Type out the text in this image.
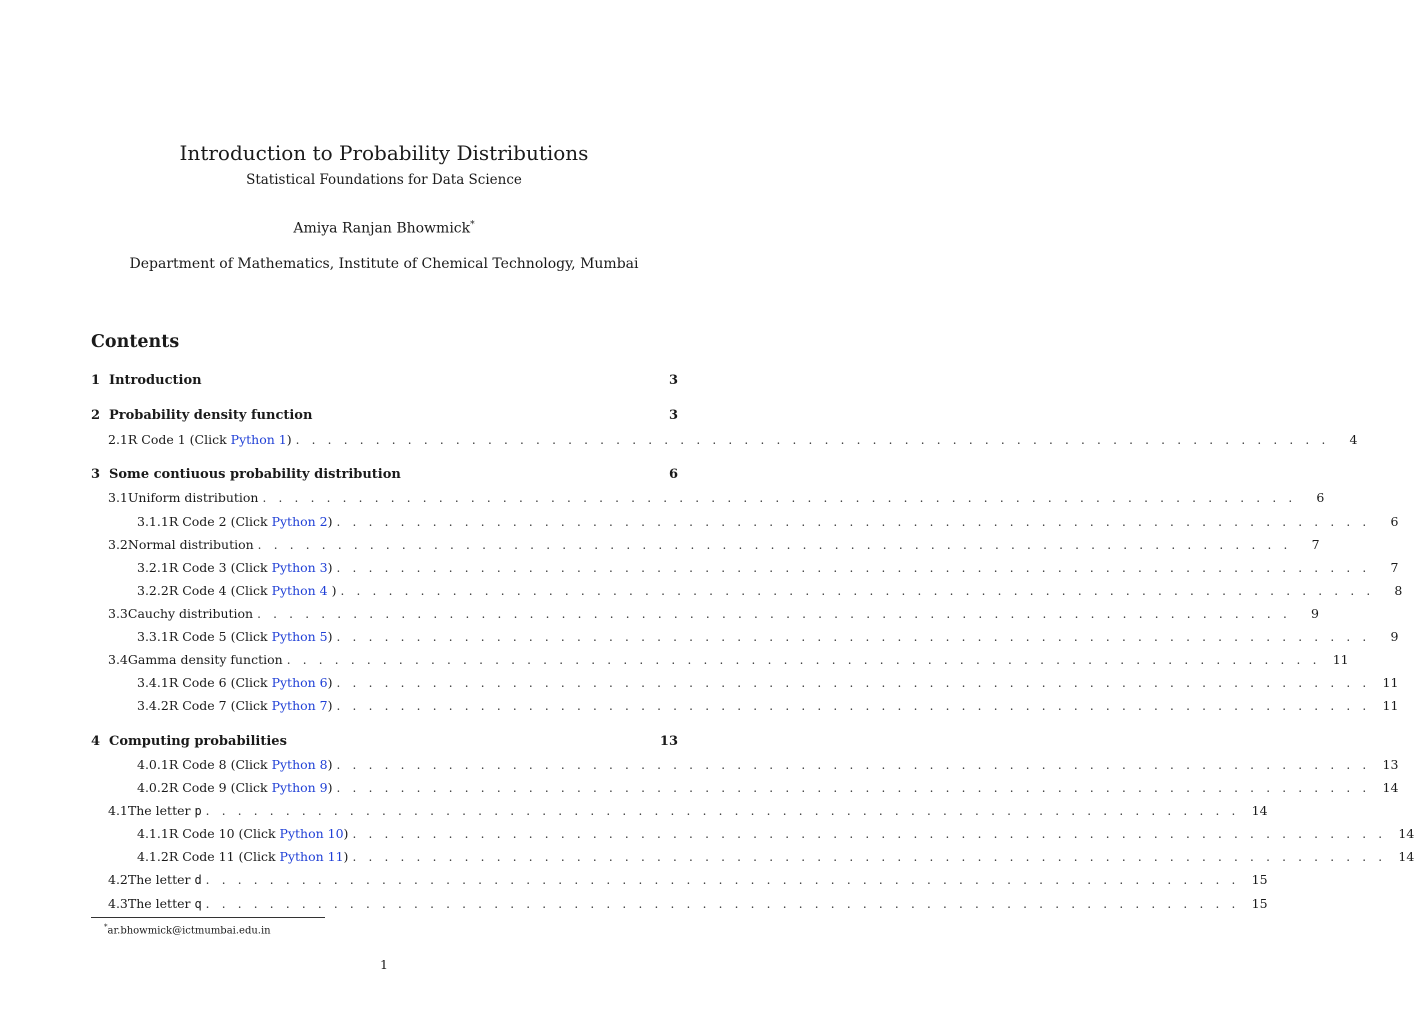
Introduction to Probability Distributions
Statistical Foundations for Data Science
Amiya Ranjan Bhowmick*
Department of Mathematics, Institute of Chemical Technology, Mumbai
Contents
1 Introduction	3
2 Probability density function	3
2.1 R Code 1 (Click Python 1) . . . . . . . . . . . . . . . . . . . . . . . . . . . . . . . . . . . . . . . . . . . . . . . . . . . . . . . . . . . . . . . . .	4
3 Some contiuous probability distribution	6
3.1 Uniform distribution . . . . . . . . . . . . . . . . . . . . . . . . . . . . . . . . . . . . . . . . . . . . . . . . . . . . . . . . . . . . . . . . .	6
3.1.1 R Code 2 (Click Python 2) . . . . . . . . . . . . . . . . . . . . . . . . . . . . . . . . . . . . . . . . . . . . . . . . . . . . . . . . . . . . . . . . .	6
3.2 Normal distribution . . . . . . . . . . . . . . . . . . . . . . . . . . . . . . . . . . . . . . . . . . . . . . . . . . . . . . . . . . . . . . . . .	7
3.2.1 R Code 3 (Click Python 3) . . . . . . . . . . . . . . . . . . . . . . . . . . . . . . . . . . . . . . . . . . . . . . . . . . . . . . . . . . . . . . . . .	7
3.2.2 R Code 4 (Click Python 4 ) . . . . . . . . . . . . . . . . . . . . . . . . . . . . . . . . . . . . . . . . . . . . . . . . . . . . . . . . . . . . . . . . .	8
3.3 Cauchy distribution . . . . . . . . . . . . . . . . . . . . . . . . . . . . . . . . . . . . . . . . . . . . . . . . . . . . . . . . . . . . . . . . .	9
3.3.1 R Code 5 (Click Python 5) . . . . . . . . . . . . . . . . . . . . . . . . . . . . . . . . . . . . . . . . . . . . . . . . . . . . . . . . . . . . . . . . .	9
3.4 Gamma density function . . . . . . . . . . . . . . . . . . . . . . . . . . . . . . . . . . . . . . . . . . . . . . . . . . . . . . . . . . . . . . . . . 11
3.4.1 R Code 6 (Click Python 6) . . . . . . . . . . . . . . . . . . . . . . . . . . . . . . . . . . . . . . . . . . . . . . . . . . . . . . . . . . . . . . . . . 11
3.4.2 R Code 7 (Click Python 7) . . . . . . . . . . . . . . . . . . . . . . . . . . . . . . . . . . . . . . . . . . . . . . . . . . . . . . . . . . . . . . . . . 11
4 Computing probabilities	13
4.0.1 R Code 8 (Click Python 8) . . . . . . . . . . . . . . . . . . . . . . . . . . . . . . . . . . . . . . . . . . . . . . . . . . . . . . . . . . . . . . . . . 13
4.0.2 R Code 9 (Click Python 9) . . . . . . . . . . . . . . . . . . . . . . . . . . . . . . . . . . . . . . . . . . . . . . . . . . . . . . . . . . . . . . . . . 14
4.1 The letter p . . . . . . . . . . . . . . . . . . . . . . . . . . . . . . . . . . . . . . . . . . . . . . . . . . . . . . . . . . . . . . . . . 14
4.1.1 R Code 10 (Click Python 10) . . . . . . . . . . . . . . . . . . . . . . . . . . . . . . . . . . . . . . . . . . . . . . . . . . . . . . . . . . . . . . . . . 14
4.1.2 R Code 11 (Click Python 11) . . . . . . . . . . . . . . . . . . . . . . . . . . . . . . . . . . . . . . . . . . . . . . . . . . . . . . . . . . . . . . . . . 14
4.2 The letter d . . . . . . . . . . . . . . . . . . . . . . . . . . . . . . . . . . . . . . . . . . . . . . . . . . . . . . . . . . . . . . . . . 15
4.3 The letter q . . . . . . . . . . . . . . . . . . . . . . . . . . . . . . . . . . . . . . . . . . . . . . . . . . . . . . . . . . . . . . . . . 15
*ar.bhowmick@ictmumbai.edu.in
1
